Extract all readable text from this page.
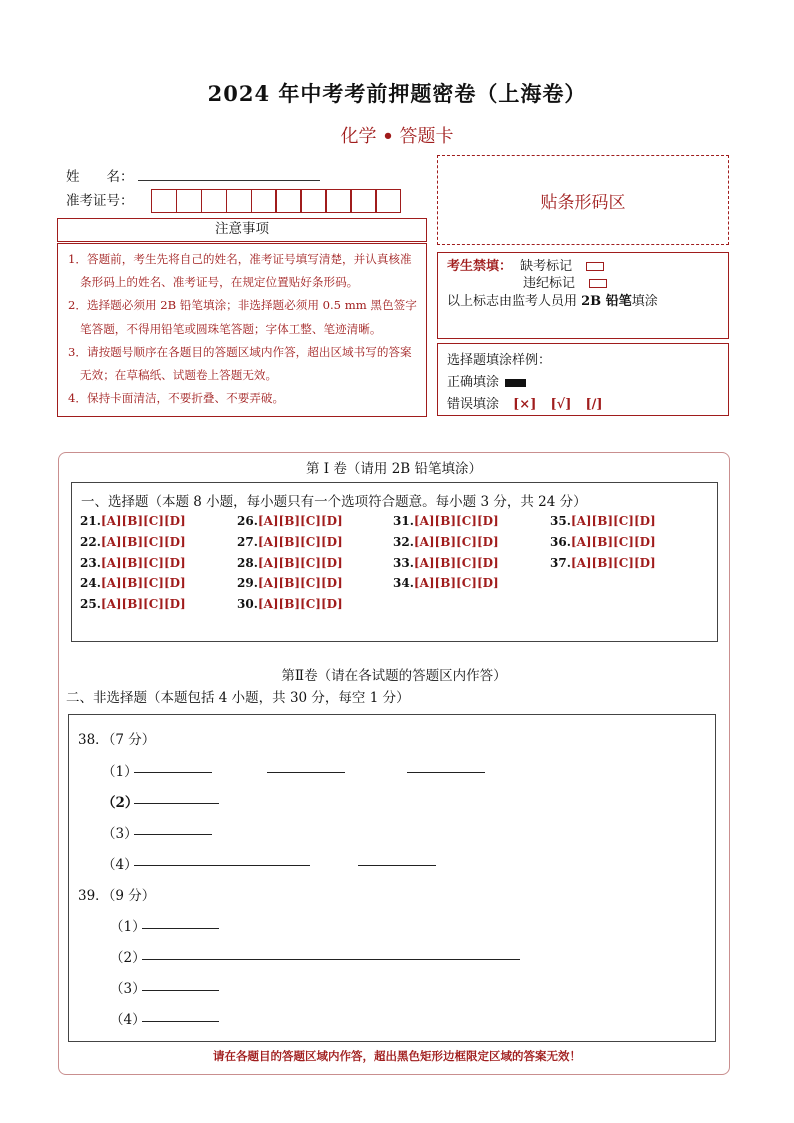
2024 年中考考前押题密卷（上海卷）
化学 • 答题卡
姓　　名：
准考证号：	贴条形码区
注意事项
1．答题前，考生先将自己的姓名，准考证号填写清楚，并认真核准条形码上的姓名、准考证号，在规定位置贴好条形码。
2．选择题必须用 2B 铅笔填涂；非选择题必须用 0.5 mm 黑色签字笔答题，不得用铅笔或圆珠笔答题；字体工整、笔迹清晰。
3．请按题号顺序在各题目的答题区域内作答，超出区域书写的答案无效；在草稿纸、试题卷上答题无效。
4．保持卡面清洁，不要折叠、不要弄破。
考生禁填： 缺考标记
违纪标记
以上标志由监考人员用 2B 铅笔填涂
选择题填涂样例：
正确填涂
错误填涂 [×] [√] [/]
第 I 卷（请用 2B 铅笔填涂）
一、选择题（本题 8 小题，每小题只有一个选项符合题意。每小题 3 分，共 24 分）
21.[A][B][C][D]
22.[A][B][C][D]
23.[A][B][C][D]
24.[A][B][C][D]
25.[A][B][C][D]
26.[A][B][C][D]
27.[A][B][C][D]
28.[A][B][C][D]
29.[A][B][C][D]
30.[A][B][C][D]
31.[A][B][C][D]
32.[A][B][C][D]
33.[A][B][C][D]
34.[A][B][C][D]
35.[A][B][C][D]
36.[A][B][C][D]
37.[A][B][C][D]
第Ⅱ卷（请在各试题的答题区内作答）
二、非选择题（本题包括 4 小题，共 30 分，每空 1 分）
38．（7 分）
（1）
（2）
（3）
（4）
39．（9 分）
（1）
（2）
（3）
（4）
请在各题目的答题区域内作答，超出黑色矩形边框限定区域的答案无效！
